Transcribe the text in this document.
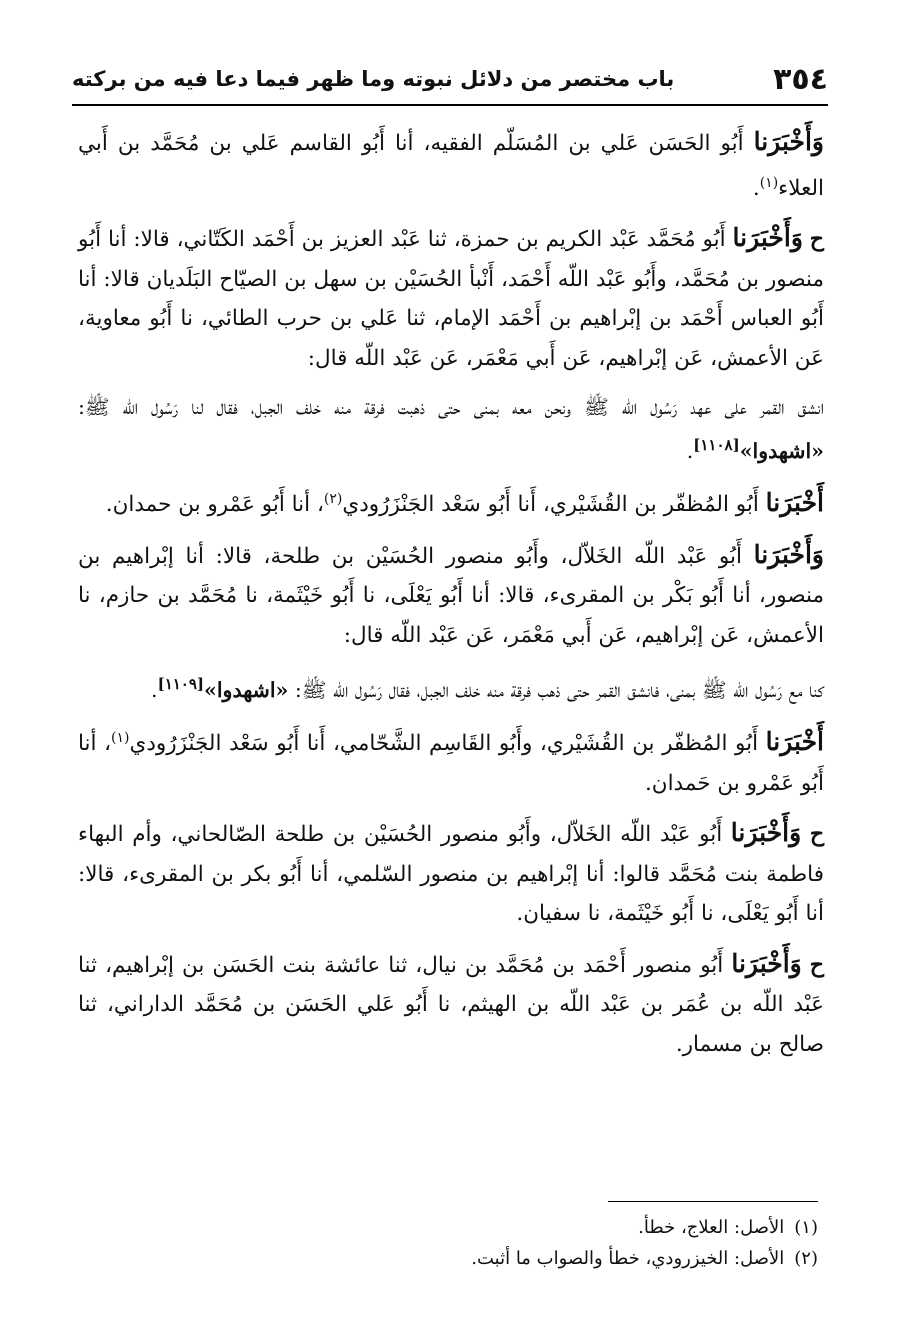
٣٥٤
باب مختصر من دلائل نبوته وما ظهر فيما دعا فيه من بركته

وَأَخْبَرَنا أَبُو الحَسَن عَلي بن المُسَلّم الفقيه، أنا أَبُو القاسم عَلي بن مُحَمَّد بن أَبي العلاء$^{(١)}$.

ح وَأَخْبَرَنا أَبُو مُحَمَّد عَبْد الكريم بن حمزة، ثنا عَبْد العزيز بن أَحْمَد الكَتّاني، قالا: أنا أَبُو منصور بن مُحَمَّد، وأَبُو عَبْد اللّه أَحْمَد، أَنْبأ الحُسَيْن بن سهل بن الصيّاح البَلَديان قالا: أنا أَبُو العباس أَحْمَد بن إبْراهيم بن أَحْمَد الإمام، ثنا عَلي بن حرب الطائي، نا أَبُو معاوية، عَن الأعمش، عَن إبْراهيم، عَن أَبي مَعْمَر، عَن عَبْد اللّه قال:

انشق القمر على عهد رَسُول الله ﷺ ونحن معه بمنى حتى ذهبت فرقة منه خلف الجبل، فقال لنا رَسُول الله ﷺ: «اشهدوا»[١١٠٨].

أَخْبَرَنا أَبُو المُظفّر بن القُشَيْري، أَنا أَبُو سَعْد الجَنْزَرُودي$^{(٢)}$، أنا أَبُو عَمْرو بن حمدان.

وَأَخْبَرَنا أَبُو عَبْد اللّه الخَلاّل، وأَبُو منصور الحُسَيْن بن طلحة، قالا: أنا إبْراهيم بن منصور، أنا أَبُو بَكْر بن المقرىء، قالا: أنا أَبُو يَعْلَى، نا أَبُو خَيْثَمة، نا مُحَمَّد بن حازم، نا الأعمش، عَن إبْراهيم، عَن أَبي مَعْمَر، عَن عَبْد اللّه قال:

كنا مع رَسُول الله ﷺ بمنى، فانشق القمر حتى ذهب فرقة منه خلف الجبل، فقال رَسُول الله ﷺ: «اشهدوا»[١١٠٩].

أَخْبَرَنا أَبُو المُظفّر بن القُشَيْري، وأَبُو القَاسِم الشَّحّامي، أَنا أَبُو سَعْد الجَنْزَرُودي$^{(١)}$، أنا أَبُو عَمْرو بن حَمدان.

ح وَأَخْبَرَنا أَبُو عَبْد اللّه الخَلاّل، وأَبُو منصور الحُسَيْن بن طلحة الصّالحاني، وأم البهاء فاطمة بنت مُحَمَّد قالوا: أنا إبْراهيم بن منصور السّلمي، أنا أَبُو بكر بن المقرىء، قالا: أنا أَبُو يَعْلَى، نا أَبُو خَيْثَمة، نا سفيان.

ح وَأَخْبَرَنا أَبُو منصور أَحْمَد بن مُحَمَّد بن نيال، ثنا عائشة بنت الحَسَن بن إبْراهيم، ثنا عَبْد اللّه بن عُمَر بن عَبْد اللّه بن الهيثم، نا أَبُو عَلي الحَسَن بن مُحَمَّد الداراني، ثنا صالح بن مسمار.

(١)الأصل: العلاج، خطأ.
(٢)الأصل: الخيزرودي، خطأ والصواب ما أثبت.
